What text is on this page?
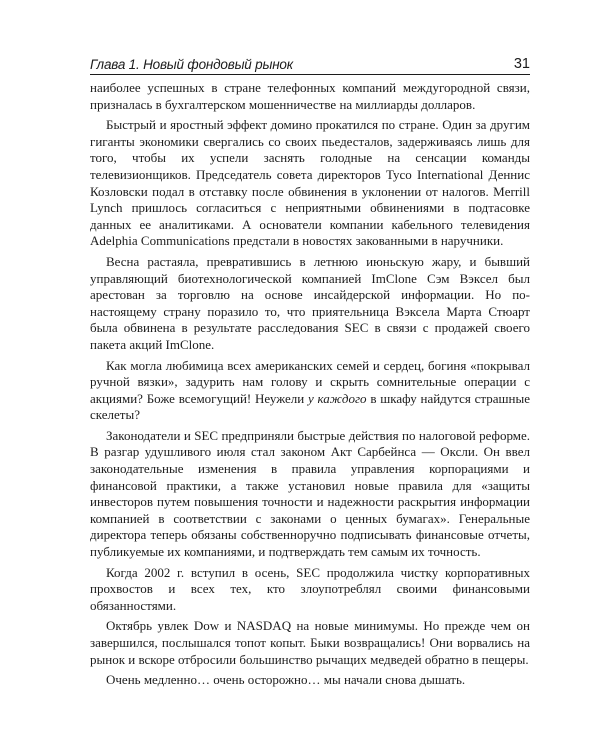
Глава 1. Новый фондовый рынок	31

наиболее успешных в стране телефонных компаний междугородной связи, призналась в бухгалтерском мошенничестве на миллиарды долларов.

Быстрый и яростный эффект домино прокатился по стране. Один за другим гиганты экономики свергались со своих пьедесталов, задерживаясь лишь для того, чтобы их успели заснять голодные на сенсации команды телевизионщиков. Председатель совета директоров Tyco International Деннис Козловски подал в отставку после обвинения в уклонении от налогов. Merrill Lynch пришлось согласиться с неприятными обвинениями в подтасовке данных ее аналитиками. А основатели компании кабельного телевидения Adelphia Communications предстали в новостях закованными в наручники.

Весна растаяла, превратившись в летнюю июньскую жару, и бывший управляющий биотехнологической компанией ImClone Сэм Вэксел был арестован за торговлю на основе инсайдерской информации. Но по-настоящему страну поразило то, что приятельница Вэксела Марта Стюарт была обвинена в результате расследования SEC в связи с продажей своего пакета акций ImClone.

Как могла любимица всех американских семей и сердец, богиня «покрывал ручной вязки», задурить нам голову и скрыть сомнительные операции с акциями? Боже всемогущий! Неужели у каждого в шкафу найдутся страшные скелеты?

Законодатели и SEC предприняли быстрые действия по налоговой реформе. В разгар удушливого июля стал законом Акт Сарбейнса — Оксли. Он ввел законодательные изменения в правила управления корпорациями и финансовой практики, а также установил новые правила для «защиты инвесторов путем повышения точности и надежности раскрытия информации компанией в соответствии с законами о ценных бумагах». Генеральные директора теперь обязаны собственноручно подписывать финансовые отчеты, публикуемые их компаниями, и подтверждать тем самым их точность.

Когда 2002 г. вступил в осень, SEC продолжила чистку корпоративных прохвостов и всех тех, кто злоупотреблял своими финансовыми обязанностями.

Октябрь увлек Dow и NASDAQ на новые минимумы. Но прежде чем он завершился, послышался топот копыт. Быки возвращались! Они ворвались на рынок и вскоре отбросили большинство рычащих медведей обратно в пещеры.

Очень медленно… очень осторожно… мы начали снова дышать.
